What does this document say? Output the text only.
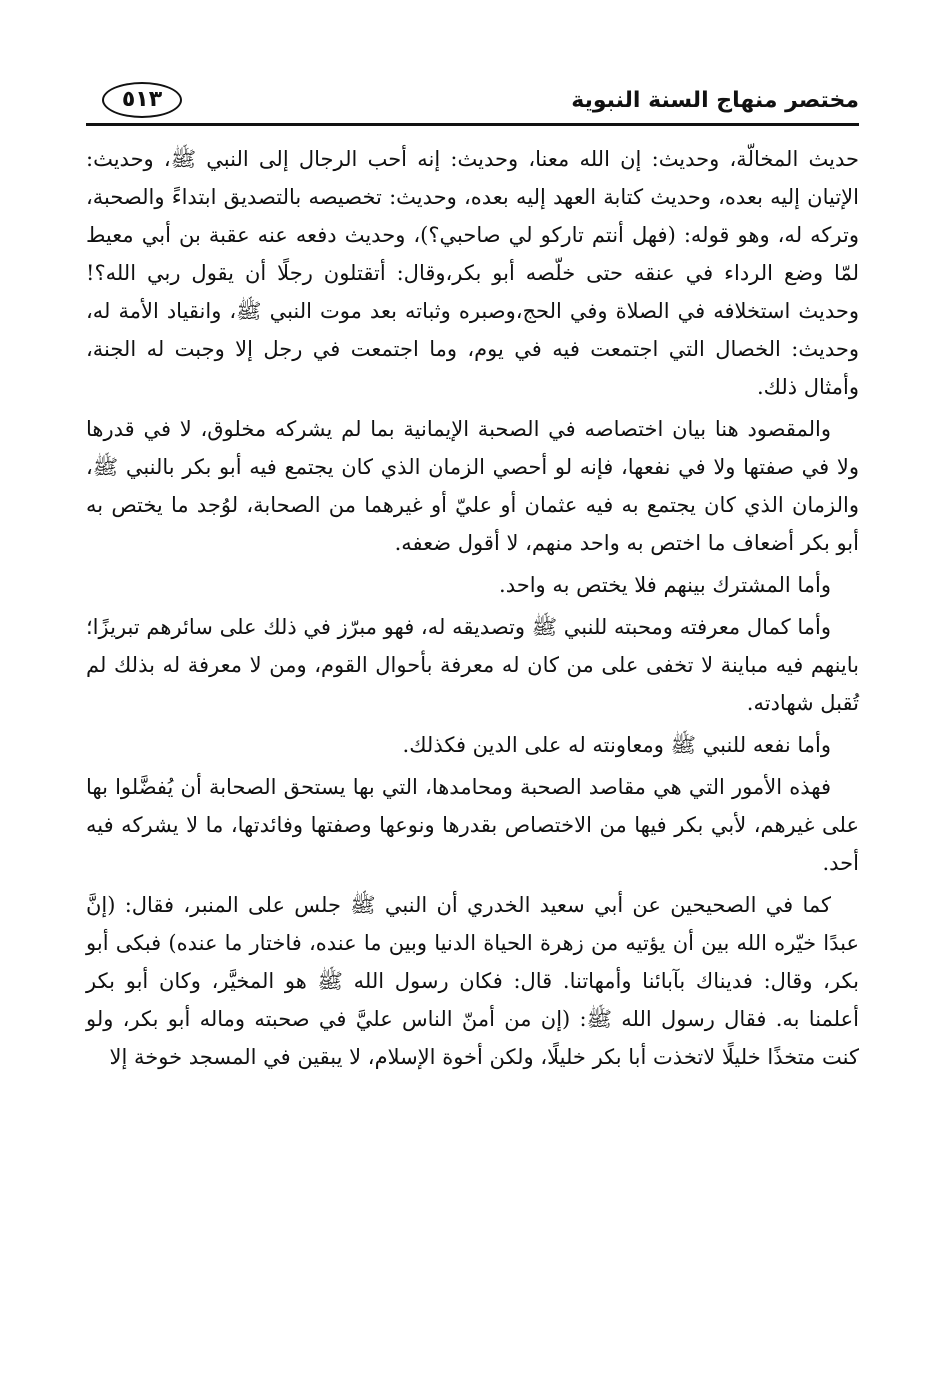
مختصر منهاج السنة النبوية
٥١٣

حديث المخالّة، وحديث: إن الله معنا، وحديث: إنه أحب الرجال إلى النبي ﷺ، وحديث: الإتيان إليه بعده، وحديث كتابة العهد إليه بعده، وحديث: تخصيصه بالتصديق ابتداءً والصحبة، وتركه له، وهو قوله: (فهل أنتم تاركو لي صاحبي؟)، وحديث دفعه عنه عقبة بن أبي معيط لمّا وضع الرداء في عنقه حتى خلّصه أبو بكر،وقال: أتقتلون رجلًا أن يقول ربي الله؟! وحديث استخلافه في الصلاة وفي الحج،وصبره وثباته بعد موت النبي ﷺ، وانقياد الأمة له، وحديث: الخصال التي اجتمعت فيه في يوم، وما اجتمعت في رجل إلا وجبت له الجنة، وأمثال ذلك.

والمقصود هنا بيان اختصاصه في الصحبة الإيمانية بما لم يشركه مخلوق، لا في قدرها ولا في صفتها ولا في نفعها، فإنه لو أحصي الزمان الذي كان يجتمع فيه أبو بكر بالنبي ﷺ، والزمان الذي كان يجتمع به فيه عثمان أو عليّ أو غيرهما من الصحابة، لوُجد ما يختص به أبو بكر أضعاف ما اختص به واحد منهم، لا أقول ضعفه.

وأما المشترك بينهم فلا يختص به واحد.

وأما كمال معرفته ومحبته للنبي ﷺ وتصديقه له، فهو مبرّز في ذلك على سائرهم تبريزًا؛ باينهم فيه مباينة لا تخفى على من كان له معرفة بأحوال القوم، ومن لا معرفة له بذلك لم تُقبل شهادته.

وأما نفعه للنبي ﷺ ومعاونته له على الدين فكذلك.

فهذه الأمور التي هي مقاصد الصحبة ومحامدها، التي بها يستحق الصحابة أن يُفضَّلوا بها على غيرهم، لأبي بكر فيها من الاختصاص بقدرها ونوعها وصفتها وفائدتها، ما لا يشركه فيه أحد.

كما في الصحيحين عن أبي سعيد الخدري أن النبي ﷺ جلس على المنبر، فقال: (إنَّ عبدًا خيّره الله بين أن يؤتيه من زهرة الحياة الدنيا وبين ما عنده، فاختار ما عنده) فبكى أبو بكر، وقال: فديناك بآبائنا وأمهاتنا. قال: فكان رسول الله ﷺ هو المخيَّر، وكان أبو بكر أعلمنا به. فقال رسول الله ﷺ: (إن من أمنّ الناس عليَّ في صحبته وماله أبو بكر، ولو كنت متخذًا خليلًا لاتخذت أبا بكر خليلًا، ولكن أخوة الإسلام، لا يبقين في المسجد خوخة إلا
